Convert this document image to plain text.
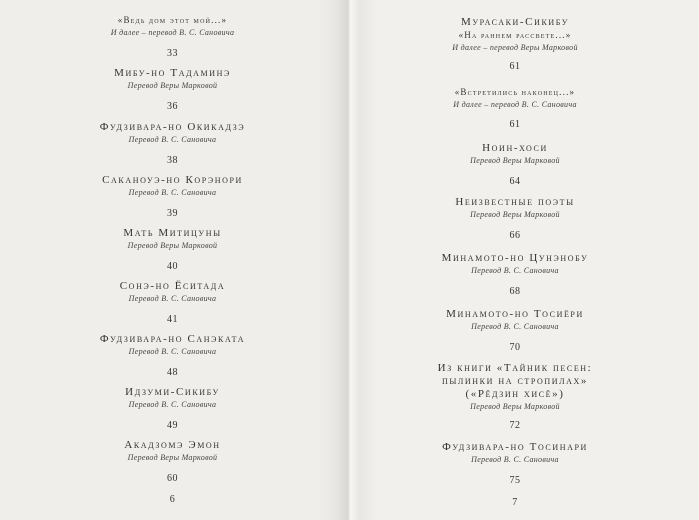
«Ведь дом этот мой...»
И далее – перевод В. С. Сановича
33
Мибу-но Тадаминэ
Перевод Веры Марковой
36
Фудзивара-но Окикадзэ
Перевод В. С. Сановича
38
Саканоуэ-но Корэнори
Перевод В. С. Сановича
39
Мать Митицуны
Перевод Веры Марковой
40
Сонэ-но Ёситада
Перевод В. С. Сановича
41
Фудзивара-но Санэката
Перевод В. С. Сановича
48
Идзуми-Сикибу
Перевод В. С. Сановича
49
Акадзомэ Эмон
Перевод Веры Марковой
60
6
Мурасаки-Сикибу
«На раннем рассвете...»
И далее – перевод Веры Марковой
61
«Встретились наконец...»
И далее – перевод В. С. Сановича
61
Ноин-хоси
Перевод Веры Марковой
64
Неизвестные поэты
Перевод Веры Марковой
66
Минамото-но Цунэнобу
Перевод В. С. Сановича
68
Минамото-но Тосиёри
Перевод В. С. Сановича
70
Из книги «Тайник песен:
пылинки на стропилах»
(«Рёдзин хисё»)
Перевод Веры Марковой
72
Фудзивара-но Тосинари
Перевод В. С. Сановича
75
7
